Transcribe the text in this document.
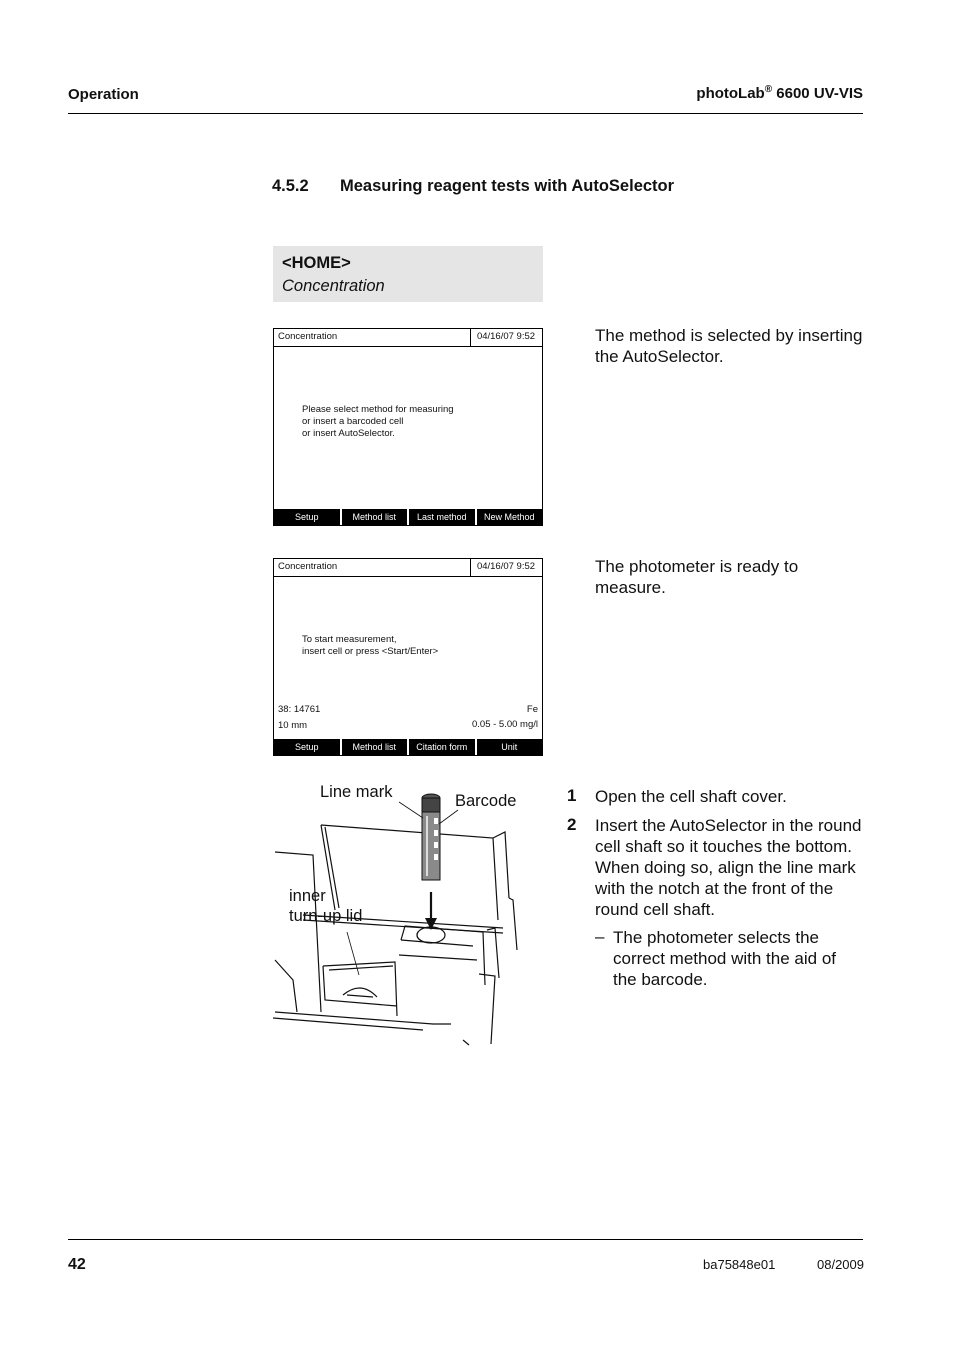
Operation	photoLab® 6600 UV-VIS
4.5.2 Measuring reagent tests with AutoSelector
<HOME>
Concentration
Concentration	04/16/07 9:52
Please select method for measuring
or insert a barcoded cell
or insert AutoSelector.
Setup	Method list	Last method	New Method
The method is selected by inserting the AutoSelector.
Concentration	04/16/07 9:52
To start measurement,
insert cell or press <Start/Enter>
38: 14761
10 mm
Fe
0.05 - 5.00 mg/l
Setup	Method list	Citation form	Unit
The photometer is ready to measure.
Line mark	Barcode
inner
turn-up lid
1 Open the cell shaft cover.
2 Insert the AutoSelector in the round cell shaft so it touches the bottom. When doing so, align the line mark with the notch at the front of the round cell shaft.
– The photometer selects the correct method with the aid of the barcode.
42	ba75848e01	08/2009
